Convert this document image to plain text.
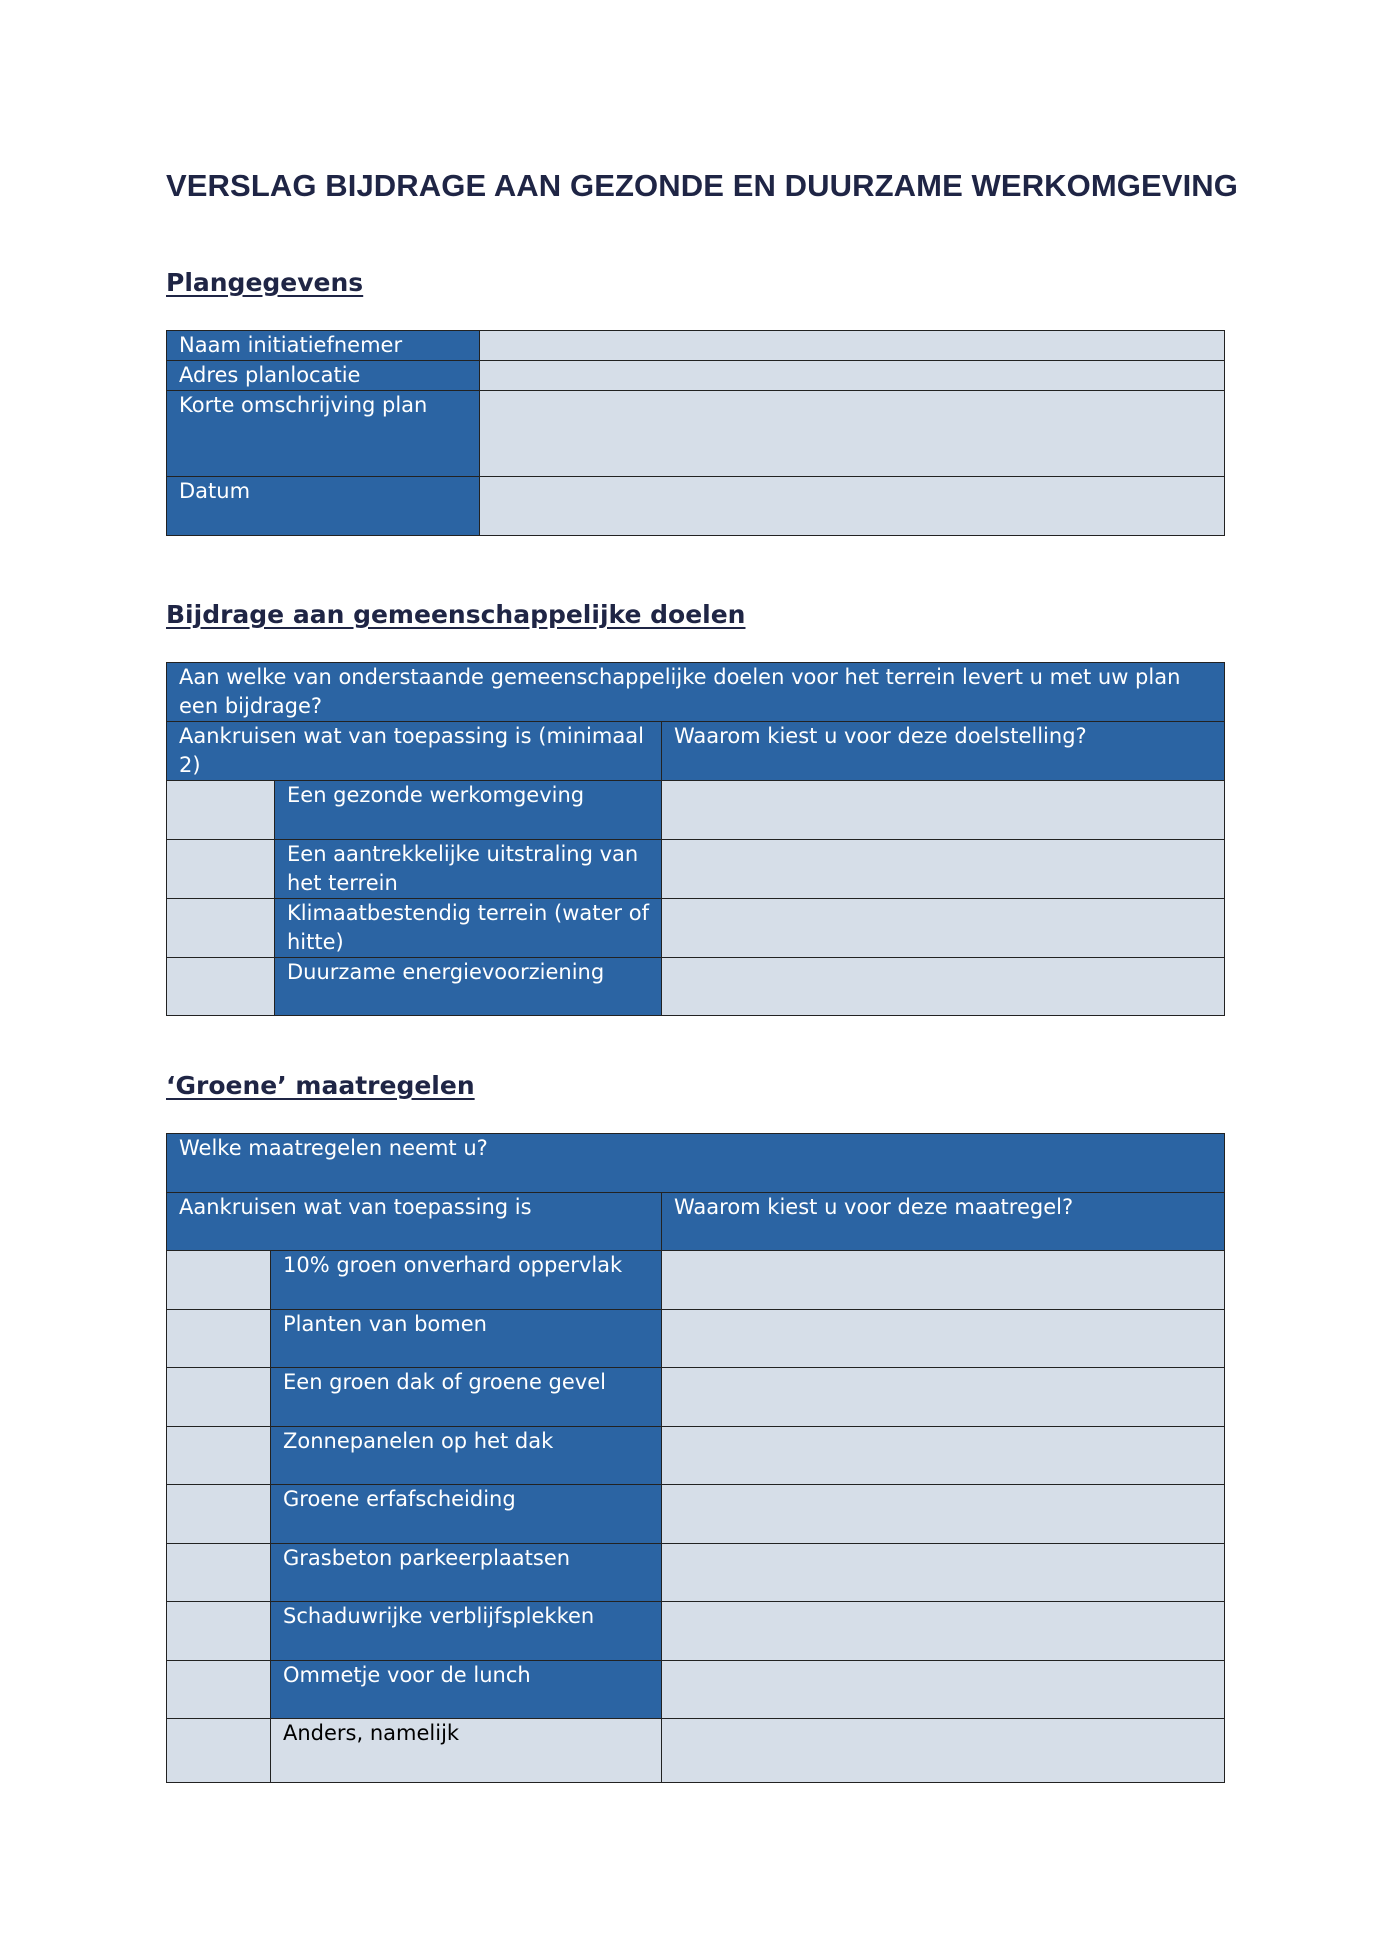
VERSLAG BIJDRAGE AAN GEZONDE EN DUURZAME WERKOMGEVING
Plangegevens
Naam initiatiefnemer	
Adres planlocatie	
Korte omschrijving plan	
Datum	
Bijdrage aan gemeenschappelijke doelen
Aan welke van onderstaande gemeenschappelijke doelen voor het terrein levert u met uw plan een bijdrage?		
Aankruisen wat van toepassing is (minimaal 2)		Waarom kiest u voor deze doelstelling?
	Een gezonde werkomgeving	
	Een aantrekkelijke uitstraling van het terrein	
	Klimaatbestendig terrein (water of hitte)	
	Duurzame energievoorziening	
‘Groene’ maatregelen
Welke maatregelen neemt u?		
Aankruisen wat van toepassing is		Waarom kiest u voor deze maatregel?
	10% groen onverhard oppervlak	
	Planten van bomen	
	Een groen dak of groene gevel	
	Zonnepanelen op het dak	
	Groene erfafscheiding	
	Grasbeton parkeerplaatsen	
	Schaduwrijke verblijfsplekken	
	Ommetje voor de lunch	
	Anders, namelijk	
